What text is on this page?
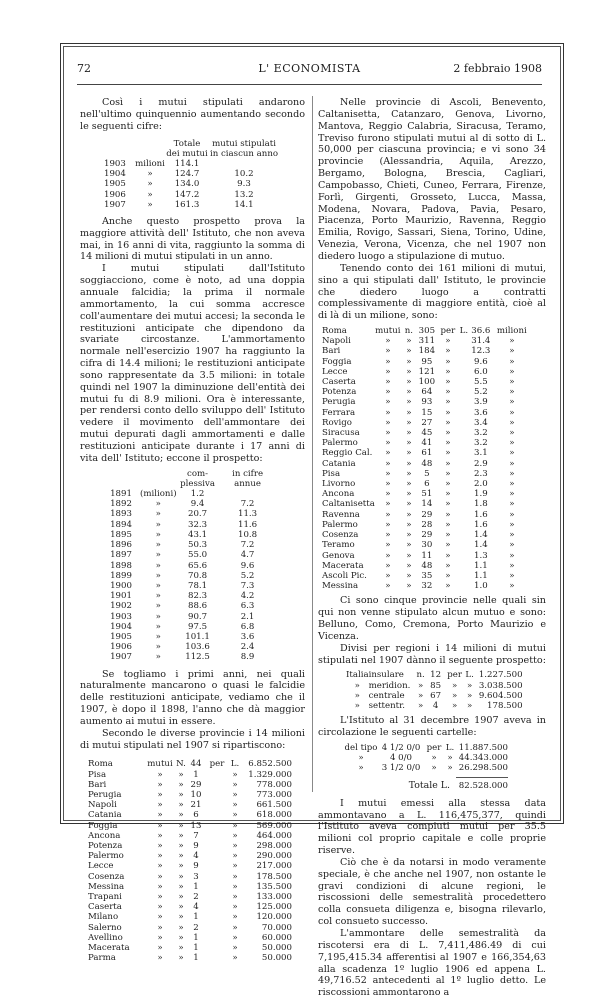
72	L' ECONOMISTA	2 febbraio 1908

Così i mutui stipulati andarono nell'ultimo quinquennio aumentando secondo le seguenti cifre:

		Totale	mutui stipulati
		dei mutui	in ciascun anno
1903	milioni	114.1	
1904	»	124.7	10.2
1905	»	134.0	9.3
1906	»	147.2	13.2
1907	»	161.3	14.1

Anche questo prospetto prova la maggiore attività dell' Istituto, che non aveva mai, in 16 anni di vita, raggiunto la somma di 14 milioni di mutui stipulati in un anno.

I mutui stipulati dall'Istituto soggiacciono, come è noto, ad una doppia annuale falcidia; la prima il normale ammortamento, la cui somma accresce coll'aumentare dei mutui accesi; la seconda le restituzioni anticipate che dipendono da svariate circostanze. L'ammortamento normale nell'esercizio 1907 ha raggiunto la cifra di 14.4 milioni; le restituzioni anticipate sono rappresentate da 3.5 milioni: in totale quindi nel 1907 la diminuzione dell'entità dei mutui fu di 8.9 milioni. Ora è interessante, per rendersi conto dello sviluppo dell' Istituto vedere il movimento dell'ammontare dei mutui depurati dagli ammortamenti e dalle restituzioni anticipate durante i 17 anni di vita dell' Istituto; eccone il prospetto:

		com-	in cifre
		plessiva	annue
1891	(milioni)	1.2	
1892	»	9.4	7.2
1893	»	20.7	11.3
1894	»	32.3	11.6
1895	»	43.1	10.8
1896	»	50.3	7.2
1897	»	55.0	4.7
1898	»	65.6	9.6
1899	»	70.8	5.2
1900	»	78.1	7.3
1901	»	82.3	4.2
1902	»	88.6	6.3
1903	»	90.7	2.1
1904	»	97.5	6.8
1905	»	101.1	3.6
1906	»	103.6	2.4
1907	»	112.5	8.9

Se togliamo i primi anni, nei quali naturalmente mancarono o quasi le falcidie delle restituzioni anticipate, vediamo che il 1907, è dopo il 1898, l'anno che dà maggior aumento ai mutui in essere.

Secondo le diverse provincie i 14 milioni di mutui stipulati nel 1907 si ripartiscono:

Roma	mutui	N.	44	per	L.	6.852.500
Pisa	»	»	1		»	1.329.000
Bari	»	»	29		»	778.000
Perugia	»	»	10		»	773.000
Napoli	»	»	21		»	661.500
Catania	»	»	6		»	618.000
Foggia	»	»	13		»	569.000
Ancona	»	»	7		»	464.000
Potenza	»	»	9		»	298.000
Palermo	»	»	4		»	290.000
Lecce	»	»	9		»	217.000
Cosenza	»	»	3		»	178.500
Messina	»	»	1		»	135.500
Trapani	»	»	2		»	133.000
Caserta	»	»	4		»	125.000
Milano	»	»	1		»	120.000
Salerno	»	»	2		»	70.000
Avellino	»	»	1		»	60.000
Macerata	»	»	1		»	50.000
Parma	»	»	1		»	50.000

Nelle provincie di Ascoli, Benevento, Caltanisetta, Catanzaro, Genova, Livorno, Mantova, Reggio Calabria, Siracusa, Teramo, Treviso furono stipulati mutui al di sotto di L. 50,000 per ciascuna provincia; e vi sono 34 provincie (Alessandria, Aquila, Arezzo, Bergamo, Bologna, Brescia, Cagliari, Campobasso, Chieti, Cuneo, Ferrara, Firenze, Forlì, Girgenti, Grosseto, Lucca, Massa, Modena, Novara, Padova, Pavia, Pesaro, Piacenza, Porto Maurizio, Ravenna, Reggio Emilia, Rovigo, Sassari, Siena, Torino, Udine, Venezia, Verona, Vicenza, che nel 1907 non diedero luogo a stipulazione di mutuo.

Tenendo conto dei 161 milioni di mutui, sino a qui stipulati dall' Istituto, le provincie che diedero luogo a contratti complessivamente di maggiore entità, cioè al di là di un milione, sono:

Roma	mutui	n.	305	per	L.	36.6	milioni
Napoli	»	»	311	»		31.4	»
Bari	»	»	184	»		12.3	»
Foggia	»	»	95	»		9.6	»
Lecce	»	»	121	»		6.0	»
Caserta	»	»	100	»		5.5	»
Potenza	»	»	64	»		5.2	»
Perugia	»	»	93	»		3.9	»
Ferrara	»	»	15	»		3.6	»
Rovigo	»	»	27	»		3.4	»
Siracusa	»	»	45	»		3.2	»
Palermo	»	»	41	»		3.2	»
Reggio Cal.	»	»	61	»		3.1	»
Catania	»	»	48	»		2.9	»
Pisa	»	»	5	»		2.3	»
Livorno	»	»	6	»		2.0	»
Ancona	»	»	51	»		1.9	»
Caltanisetta	»	»	14	»		1.8	»
Ravenna	»	»	29	»		1.6	»
Palermo	»	»	28	»		1.6	»
Cosenza	»	»	29	»		1.4	»
Teramo	»	»	30	»		1.4	»
Genova	»	»	11	»		1.3	»
Macerata	»	»	48	»		1.1	»
Ascoli Pic.	»	»	35	»		1.1	»
Messina	»	»	32	»		1.0	»

Ci sono cinque provincie nelle quali sin qui non venne stipulato alcun mutuo e sono: Belluno, Como, Cremona, Porto Maurizio e Vicenza.

Divisi per regioni i 14 milioni di mutui stipulati nel 1907 dànno il seguente prospetto:

Italia	insulare	n.	12	per	L.	1.227.500
»	meridion.	»	85	»	»	3.038.500
»	centrale	»	67	»	»	9.604.500
»	settentr.	»	4	»	»	178.500

L'Istituto al 31 decembre 1907 aveva in circolazione le seguenti cartelle:

del tipo	4 1/2 0/0	per	L.	11.887.500
»	4 0/0	»	»	44.343.000
»	3 1/2 0/0	»	»	26.298.500

Totale L.				82.528.000

I mutui emessi alla stessa data ammontavano a L. 116,475,377, quindi l'Istituto aveva compiuti mutui per 35.5 milioni col proprio capitale e colle proprie riserve.

Ciò che è da notarsi in modo veramente speciale, è che anche nel 1907, non ostante le gravi condizioni di alcune regioni, le riscossioni delle semestralità procedettero colla consueta diligenza e, bisogna rilevarlo, col consueto successo.

L'ammontare delle semestralità da riscotersi era di L. 7,411,486.49 di cui 7,195,415.34 afferentisi al 1907 e 166,354,63 alla scadenza 1º luglio 1906 ed appena L. 49,716.52 antecedenti al 1º luglio detto. Le riscossioni ammontarono a
